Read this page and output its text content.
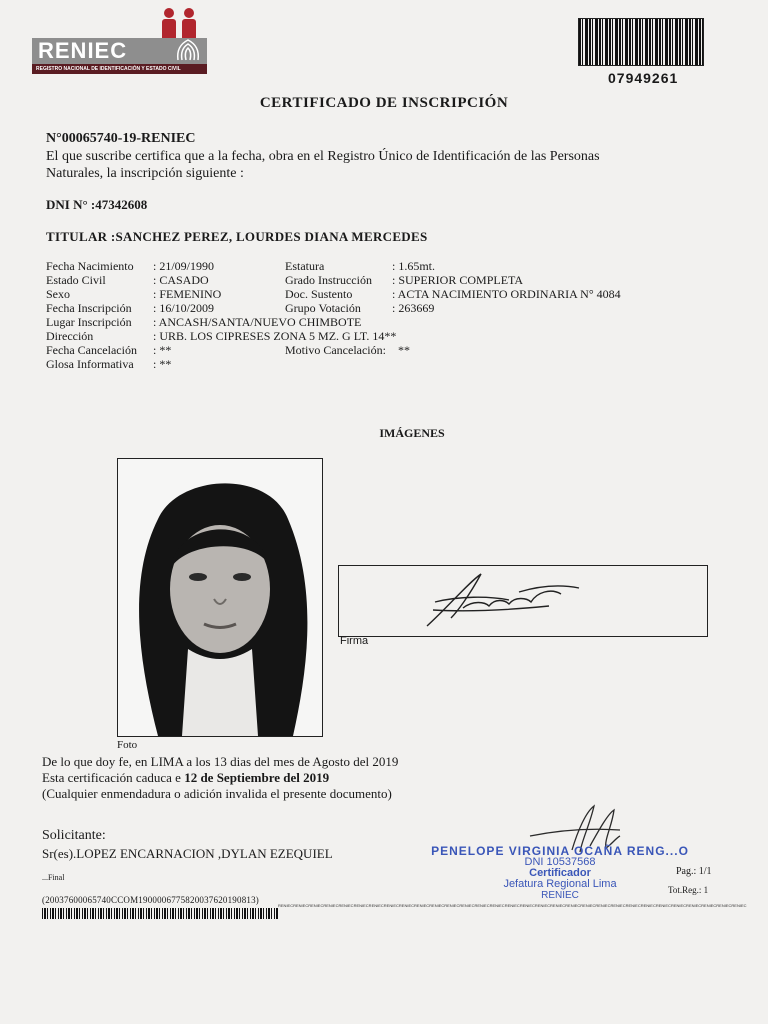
RENIEC
REGISTRO NACIONAL DE IDENTIFICACIÓN Y ESTADO CIVIL
07949261
CERTIFICADO DE INSCRIPCIÓN
N°00065740-19-RENIEC
El que suscribe certifica que a la fecha, obra en el Registro Único de Identificación de las Personas Naturales, la inscripción siguiente :
DNI N° :47342608
TITULAR :SANCHEZ PEREZ, LOURDES DIANA MERCEDES
Fecha Nacimiento : 21/09/1990	Estatura	: 1.65mt.
Estado Civil	: CASADO	Grado Instrucción : SUPERIOR COMPLETA
Sexo	: FEMENINO	Doc. Sustento	: ACTA NACIMIENTO ORDINARIA N° 4084
Fecha Inscripción : 16/10/2009	Grupo Votación	: 263669
Lugar Inscripción : ANCASH/SANTA/NUEVO CHIMBOTE
Dirección	: URB. LOS CIPRESES ZONA 5 MZ. G LT. 14**
Fecha Cancelación : **	Motivo Cancelación: **
Glosa Informativa : **
IMÁGENES
Foto
Firma
De lo que doy fe, en LIMA a los 13 dias del mes de Agosto del 2019
Esta certificación caduca e 12 de Septiembre del 2019
(Cualquier enmendadura o adición invalida el presente documento)
Solicitante:
Sr(es).LOPEZ ENCARNACION ,DYLAN EZEQUIEL
...Final
PENELOPE VIRGINIA OCAÑA RENG...O
DNI 10537568
Certificador
Jefatura Regional Lima
RENIEC
Pag.: 1/1
Tot.Reg.: 1
(20037600065740CCOM19000067758200376201908​13)
RENIECRENIECRENIECRENIECRENIECRENIECRENIECRENIECRENIECRENIECRENIECRENIECRENIECRENIECRENIECRENIECRENIECRENIECRENIECRENIECRENIECRENIECRENIECRENIECRENIECRENIECRENIECRENIECRENIECRENIECRENIEC
